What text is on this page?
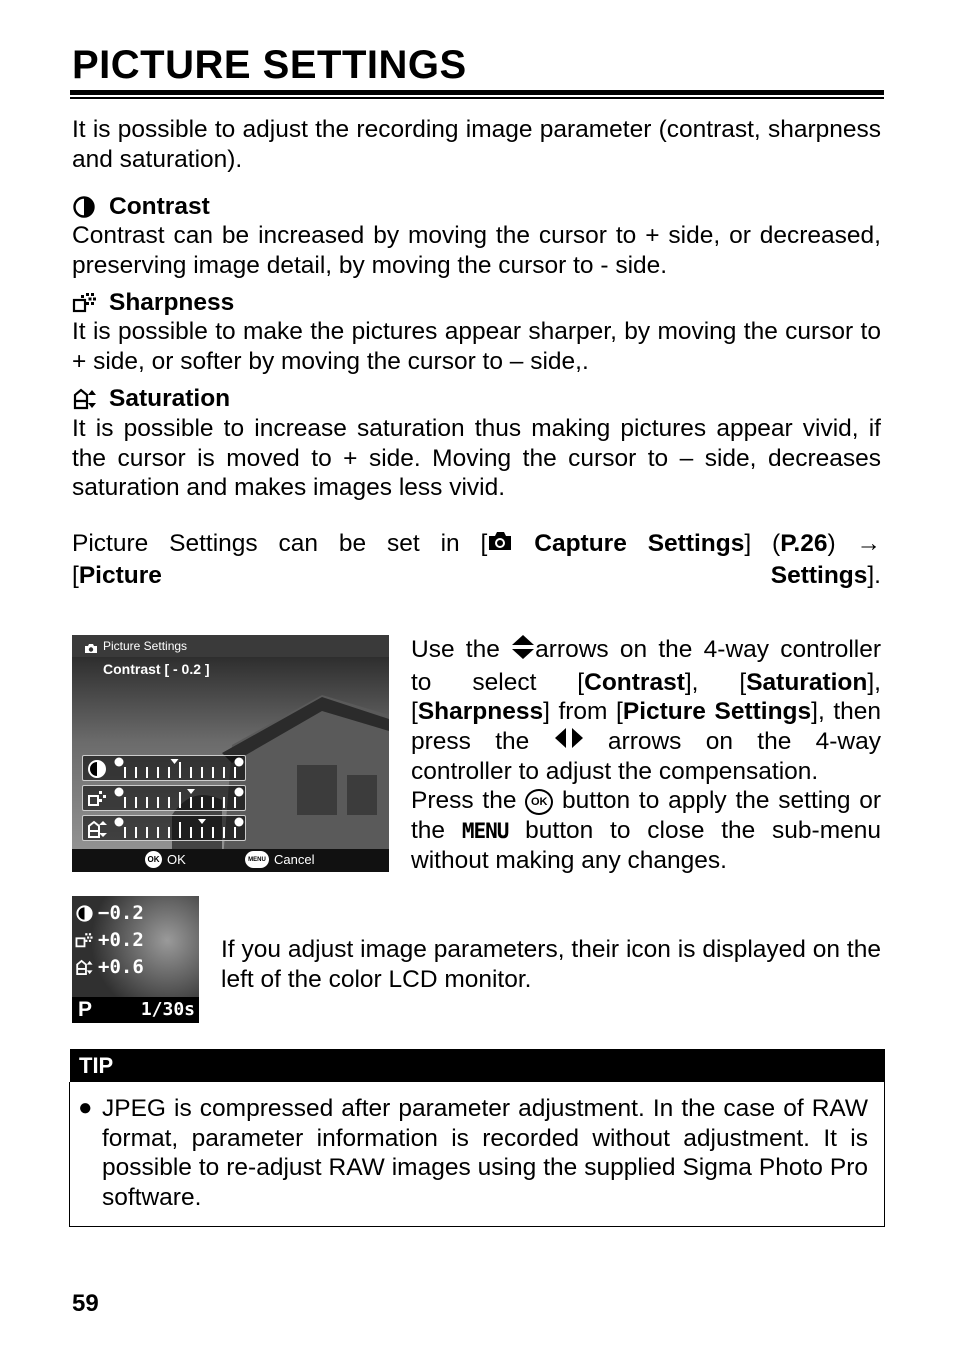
PICTURE SETTINGS

It is possible to adjust the recording image parameter (contrast, sharpness and saturation).

Contrast

Contrast can be increased by moving the cursor to + side, or decreased, preserving image detail, by moving the cursor to - side.

Sharpness

It is possible to make the pictures appear sharper, by moving the cursor to + side, or softer by moving the cursor to – side,.

Saturation

It is possible to increase saturation thus making pictures appear vivid, if the cursor is moved to + side. Moving the cursor to – side, decreases saturation and makes images less vivid.

Picture Settings can be set in [ Capture Settings] (P.26) →
[Picture Settings].

Picture Settings
Contrast [ - 0.2 ]
OK OK	MENU Cancel

Use the arrows on the 4-way controller to select [Contrast], [Saturation], [Sharpness] from [Picture Settings], then press the	arrows on the 4-way controller to adjust the compensation.

Press the OK button to apply the setting or the MENU button to close the sub-menu without making any changes.

−0.2
+0.2
+0.6
P	1/30s

If you adjust image parameters, their icon is displayed on the left of the color LCD monitor.

TIP
● JPEG is compressed after parameter adjustment. In the case of RAW format, parameter information is recorded without adjustment. It is possible to re-adjust RAW images using the supplied Sigma Photo Pro software.

59
